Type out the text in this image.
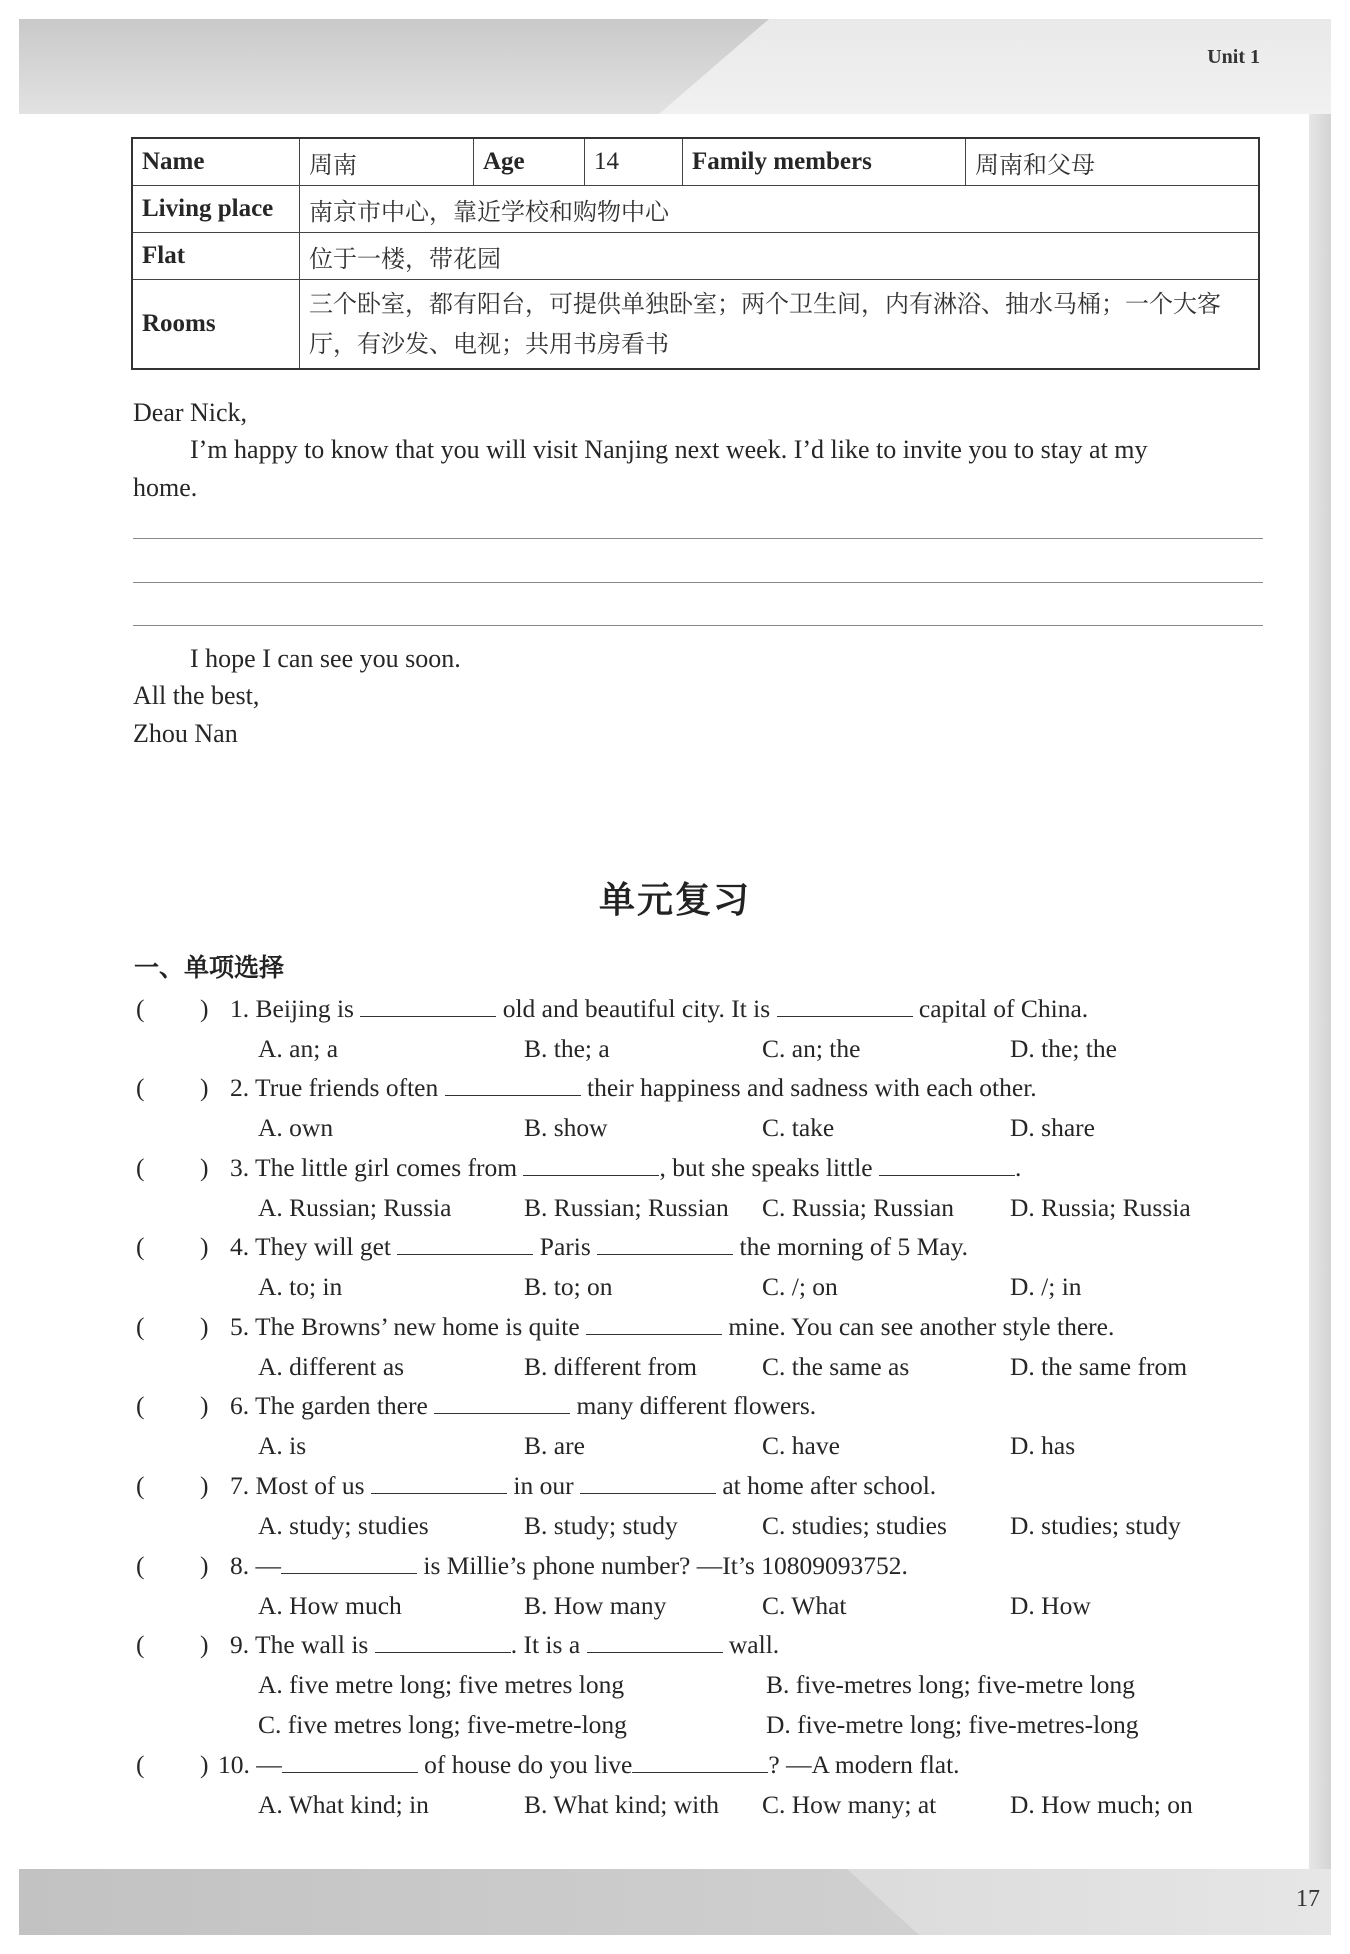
Unit 1
17
Name	周南	Age	14	Family members	周南和父母
Living place	南京市中心，靠近学校和购物中心				
Flat	位于一楼，带花园				
Rooms	三个卧室，都有阳台，可提供单独卧室；两个卫生间，内有淋浴、抽水马桶；一个大客
厅，有沙发、电视；共用书房看书				
Dear Nick,
I’m happy to know that you will visit Nanjing next week. I’d like to invite you to stay at my
home.
I hope I can see you soon.
All the best,
Zhou Nan
单元复习
一、单项选择
( ) 1. Beijing is	old and beautiful city. It is	capital of China.
A. an; a	B. the; a	C. an; the	D. the; the
( ) 2. True friends often	their happiness and sadness with each other.
A. own	B. show	C. take	D. share
( ) 3. The little girl comes from	, but she speaks little	.
A. Russian; Russia	B. Russian; Russian C. Russia; Russian D. Russia; Russia
( ) 4. They will get	Paris	the morning of 5 May.
A. to; in	B. to; on	C. /; on	D. /; in
( ) 5. The Browns’ new home is quite	mine. You can see another style there.
A. different as	B. different from	C. the same as	D. the same from
( ) 6. The garden there	many different flowers.
A. is	B. are	C. have	D. has
( ) 7. Most of us	in our	at home after school.
A. study; studies	B. study; study	C. studies; studies D. studies; study
( ) 8. —	is Millie’s phone number? —It’s 10809093752.
A. How much	B. How many	C. What	D. How
( ) 9. The wall is	. It is a	wall.
A. five metre long; five metres long	B. five-metres long; five-metre long
C. five metres long; five-metre-long	D. five-metre long; five-metres-long
( ) 10. —	of house do you live	? —A modern flat.
A. What kind; in	B. What kind; with C. How many; at	D. How much; on
